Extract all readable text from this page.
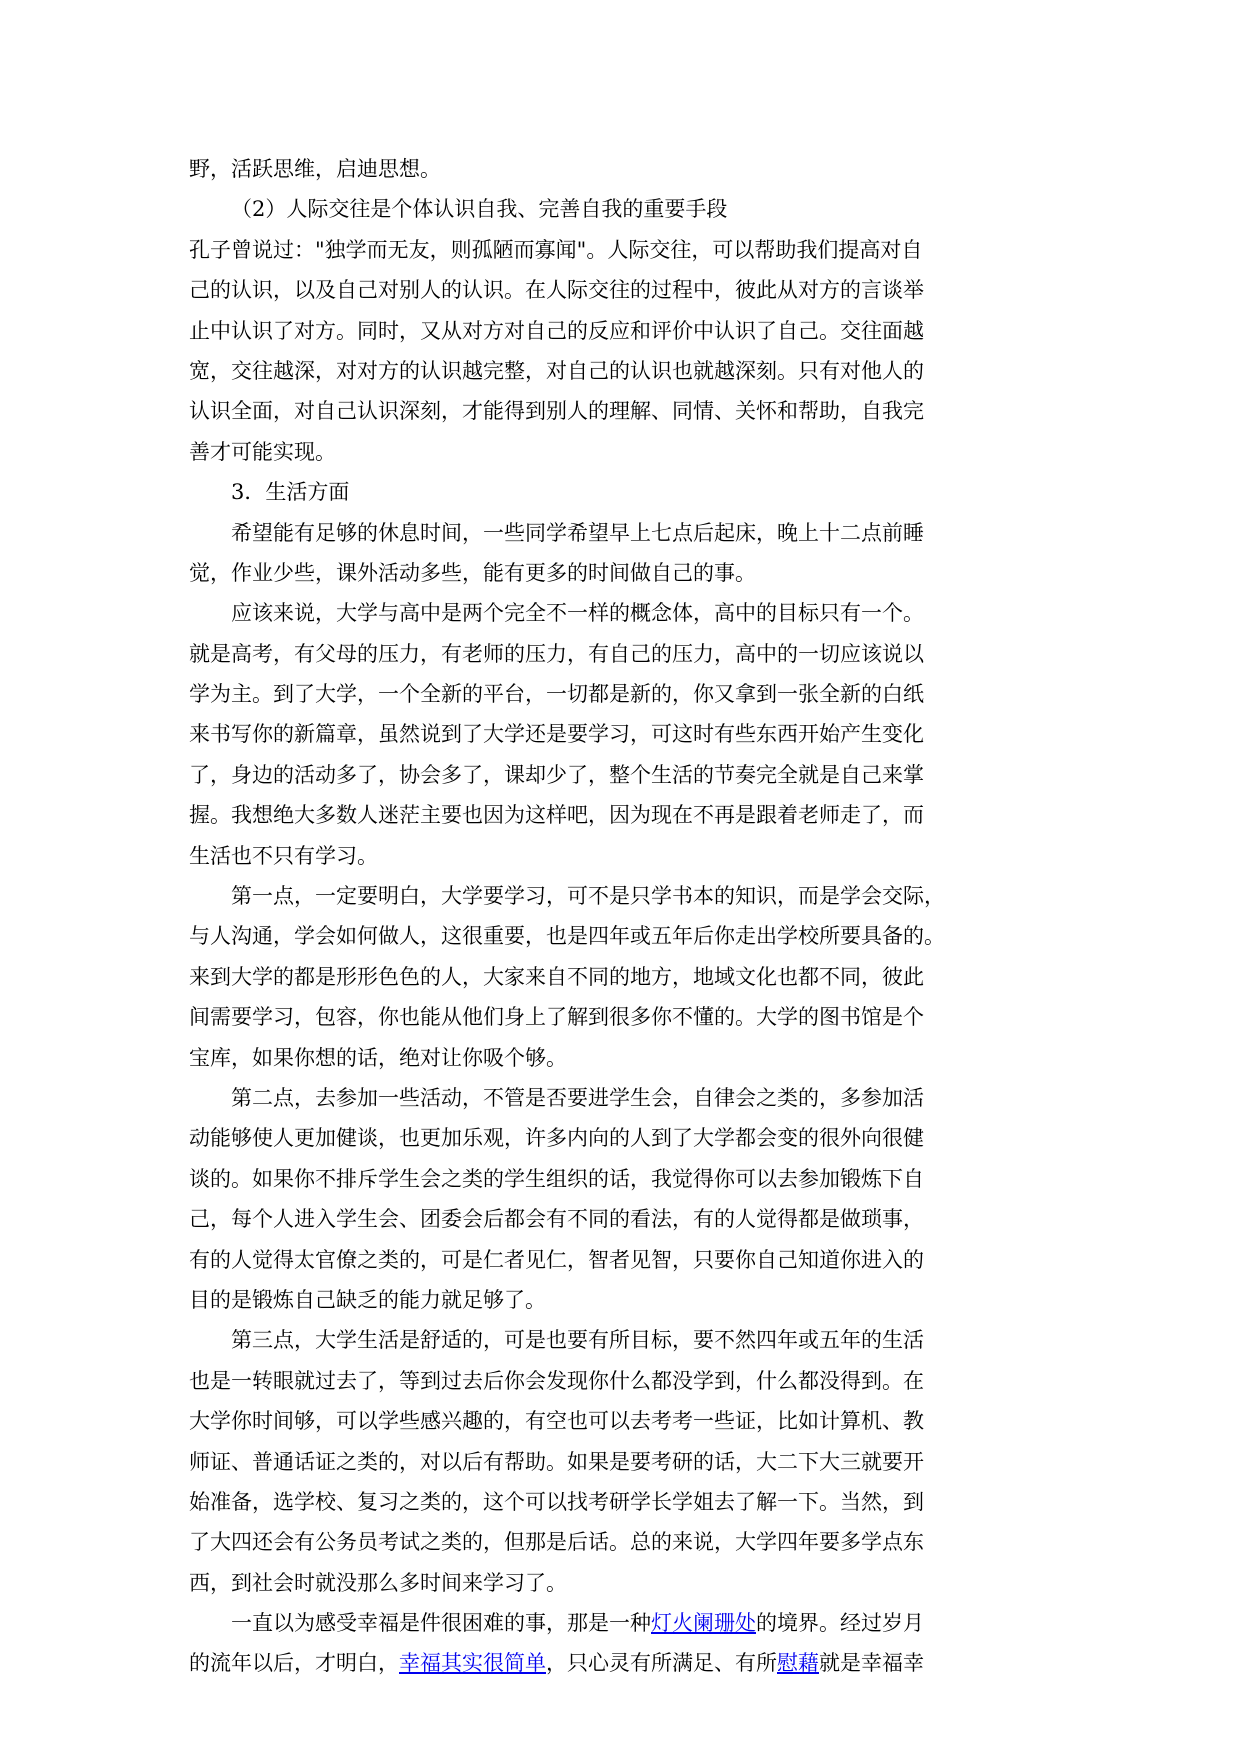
野，活跃思维，启迪思想。
（2）人际交往是个体认识自我、完善自我的重要手段
孔子曾说过："独学而无友，则孤陋而寡闻"。人际交往，可以帮助我们提高对自
己的认识，以及自己对别人的认识。在人际交往的过程中，彼此从对方的言谈举
止中认识了对方。同时，又从对方对自己的反应和评价中认识了自己。交往面越
宽，交往越深，对对方的认识越完整，对自己的认识也就越深刻。只有对他人的
认识全面，对自己认识深刻，才能得到别人的理解、同情、关怀和帮助，自我完
善才可能实现。
3．生活方面
希望能有足够的休息时间，一些同学希望早上七点后起床，晚上十二点前睡
觉，作业少些，课外活动多些，能有更多的时间做自己的事。
应该来说，大学与高中是两个完全不一样的概念体，高中的目标只有一个。
就是高考，有父母的压力，有老师的压力，有自己的压力，高中的一切应该说以
学为主。到了大学，一个全新的平台，一切都是新的，你又拿到一张全新的白纸
来书写你的新篇章，虽然说到了大学还是要学习，可这时有些东西开始产生变化
了，身边的活动多了，协会多了，课却少了，整个生活的节奏完全就是自己来掌
握。我想绝大多数人迷茫主要也因为这样吧，因为现在不再是跟着老师走了，而
生活也不只有学习。
第一点，一定要明白，大学要学习，可不是只学书本的知识，而是学会交际，
与人沟通，学会如何做人，这很重要，也是四年或五年后你走出学校所要具备的。
来到大学的都是形形色色的人，大家来自不同的地方，地域文化也都不同，彼此
间需要学习，包容，你也能从他们身上了解到很多你不懂的。大学的图书馆是个
宝库，如果你想的话，绝对让你吸个够。
第二点，去参加一些活动，不管是否要进学生会，自律会之类的，多参加活
动能够使人更加健谈，也更加乐观，许多内向的人到了大学都会变的很外向很健
谈的。如果你不排斥学生会之类的学生组织的话，我觉得你可以去参加锻炼下自
己，每个人进入学生会、团委会后都会有不同的看法，有的人觉得都是做琐事，
有的人觉得太官僚之类的，可是仁者见仁，智者见智，只要你自己知道你进入的
目的是锻炼自己缺乏的能力就足够了。
第三点，大学生活是舒适的，可是也要有所目标，要不然四年或五年的生活
也是一转眼就过去了，等到过去后你会发现你什么都没学到，什么都没得到。在
大学你时间够，可以学些感兴趣的，有空也可以去考考一些证，比如计算机、教
师证、普通话证之类的，对以后有帮助。如果是要考研的话，大二下大三就要开
始准备，选学校、复习之类的，这个可以找考研学长学姐去了解一下。当然，到
了大四还会有公务员考试之类的，但那是后话。总的来说，大学四年要多学点东
西，到社会时就没那么多时间来学习了。
一直以为感受幸福是件很困难的事，那是一种灯火阑珊处的境界。经过岁月
的流年以后，才明白，幸福其实很简单，只心灵有所满足、有所慰藉就是幸福幸
